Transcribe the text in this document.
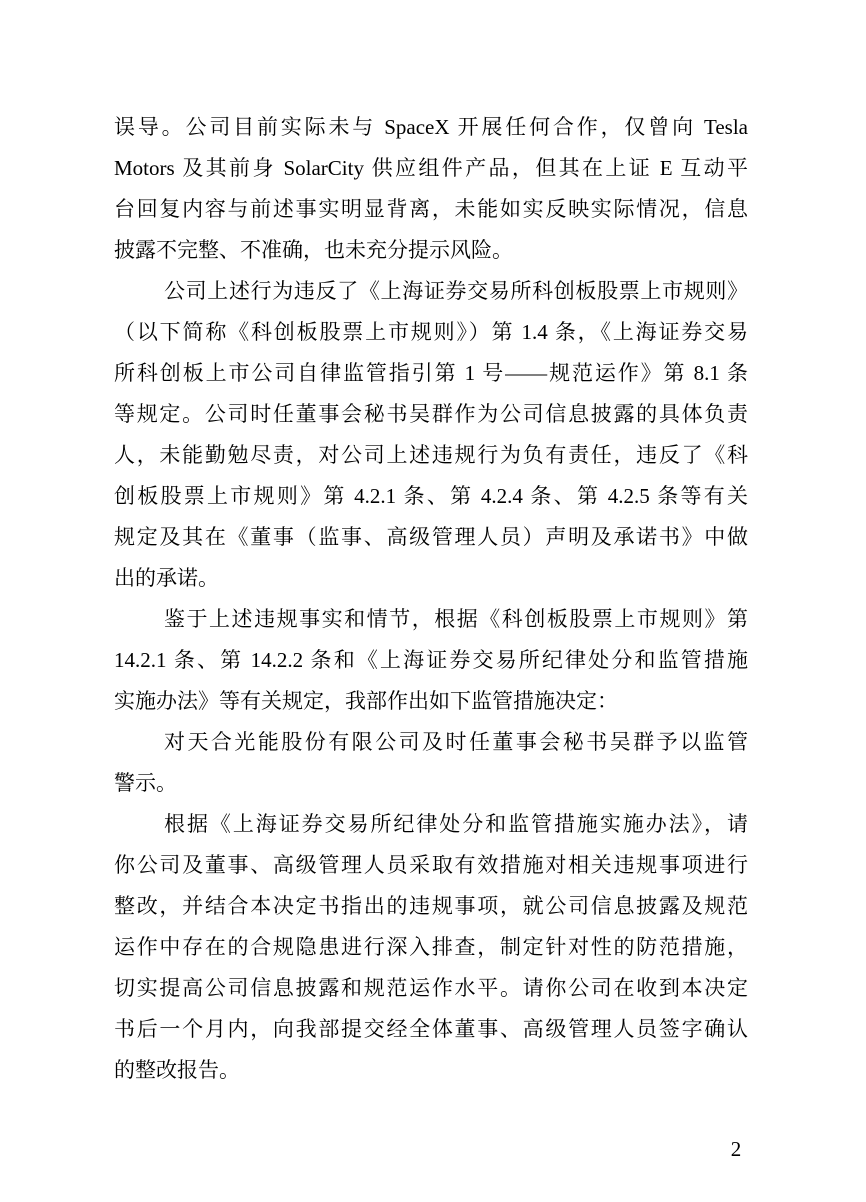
误导。公司目前实际未与 SpaceX 开展任何合作，仅曾向 Tesla
Motors 及其前身 SolarCity 供应组件产品，但其在上证 E 互动平
台回复内容与前述事实明显背离，未能如实反映实际情况，信息
披露不完整、不准确，也未充分提示风险。
公司上述行为违反了《上海证券交易所科创板股票上市规则》
（以下简称《科创板股票上市规则》）第 1.4 条，《上海证券交易
所科创板上市公司自律监管指引第 1 号——规范运作》第 8.1 条
等规定。公司时任董事会秘书吴群作为公司信息披露的具体负责
人，未能勤勉尽责，对公司上述违规行为负有责任，违反了《科
创板股票上市规则》第 4.2.1 条、第 4.2.4 条、第 4.2.5 条等有关
规定及其在《董事（监事、高级管理人员）声明及承诺书》中做
出的承诺。
鉴于上述违规事实和情节，根据《科创板股票上市规则》第
14.2.1 条、第 14.2.2 条和《上海证券交易所纪律处分和监管措施
实施办法》等有关规定，我部作出如下监管措施决定：
对天合光能股份有限公司及时任董事会秘书吴群予以监管
警示。
根据《上海证券交易所纪律处分和监管措施实施办法》，请
你公司及董事、高级管理人员采取有效措施对相关违规事项进行
整改，并结合本决定书指出的违规事项，就公司信息披露及规范
运作中存在的合规隐患进行深入排查，制定针对性的防范措施，
切实提高公司信息披露和规范运作水平。请你公司在收到本决定
书后一个月内，向我部提交经全体董事、高级管理人员签字确认
的整改报告。
2
